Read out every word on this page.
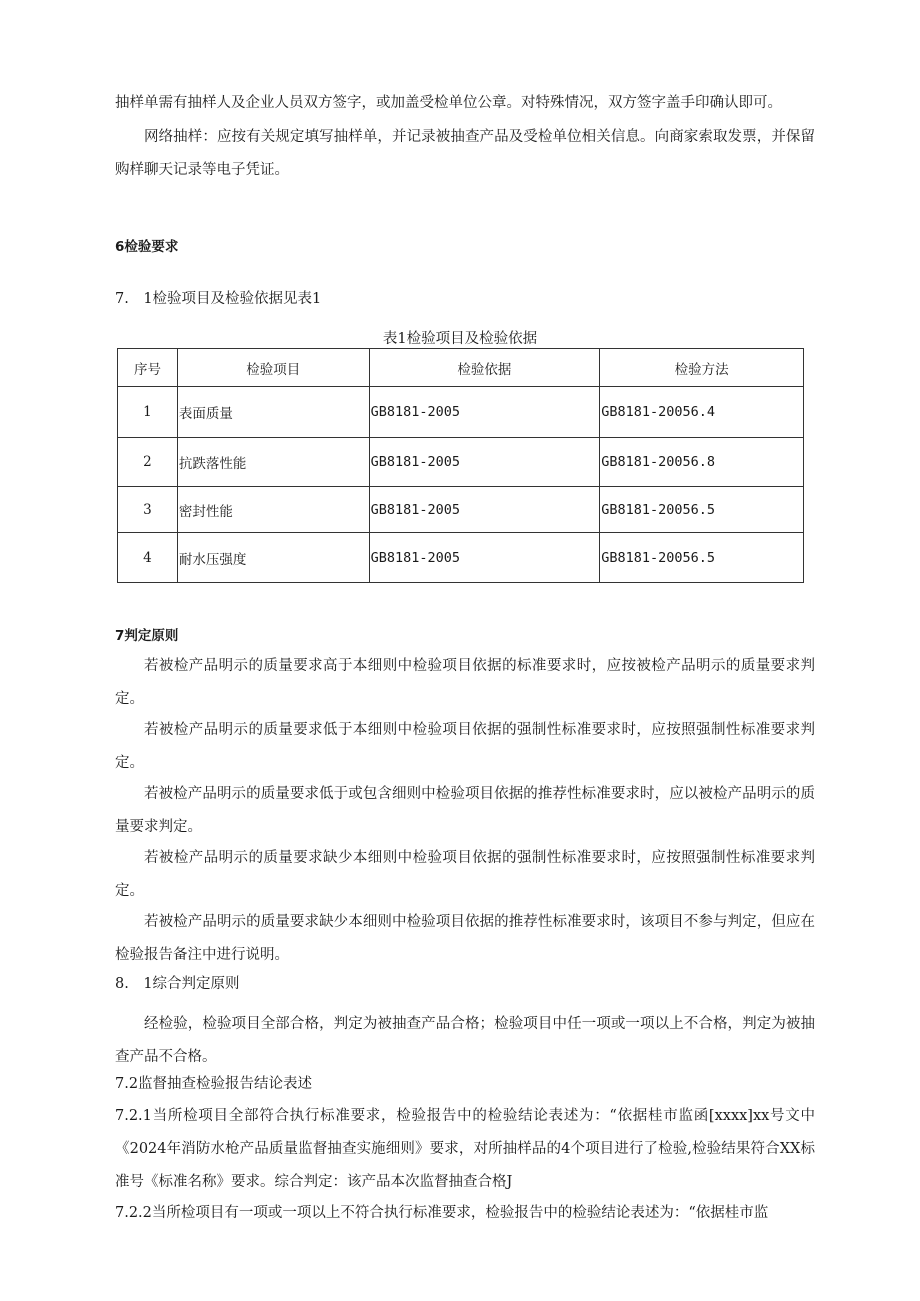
抽样单需有抽样人及企业人员双方签字，或加盖受检单位公章。对特殊情况，双方签字盖手印确认即可。

网络抽样：应按有关规定填写抽样单，并记录被抽查产品及受检单位相关信息。向商家索取发票，并保留购样聊天记录等电子凭证。

6检验要求
7.　1检验项目及检验依据见表1
表1检验项目及检验依据
序号	检验项目	检验依据	检验方法
1	表面质量	GB8181-2005	GB8181-20056.4
2	抗跌落性能	GB8181-2005	GB8181-20056.8
3	密封性能	GB8181-2005	GB8181-20056.5
4	耐水压强度	GB8181-2005	GB8181-20056.5
7判定原则

若被检产品明示的质量要求高于本细则中检验项目依据的标准要求时，应按被检产品明示的质量要求判定。

若被检产品明示的质量要求低于本细则中检验项目依据的强制性标准要求时，应按照强制性标准要求判定。

若被检产品明示的质量要求低于或包含细则中检验项目依据的推荐性标准要求时，应以被检产品明示的质量要求判定。

若被检产品明示的质量要求缺少本细则中检验项目依据的强制性标准要求时，应按照强制性标准要求判定。

若被检产品明示的质量要求缺少本细则中检验项目依据的推荐性标准要求时，该项目不参与判定，但应在检验报告备注中进行说明。

8.　1综合判定原则

经检验，检验项目全部合格，判定为被抽查产品合格；检验项目中任一项或一项以上不合格，判定为被抽查产品不合格。

7.2监督抽查检验报告结论表述

7.2.1当所检项目全部符合执行标准要求，检验报告中的检验结论表述为：“依据桂市监函[xxxx]xx号文中《2024年消防水枪产品质量监督抽查实施细则》要求，对所抽样品的4个项目进行了检验,检验结果符合XX标准号《标准名称》要求。综合判定：该产品本次监督抽查合格J

7.2.2当所检项目有一项或一项以上不符合执行标准要求，检验报告中的检验结论表述为：“依据桂市监
